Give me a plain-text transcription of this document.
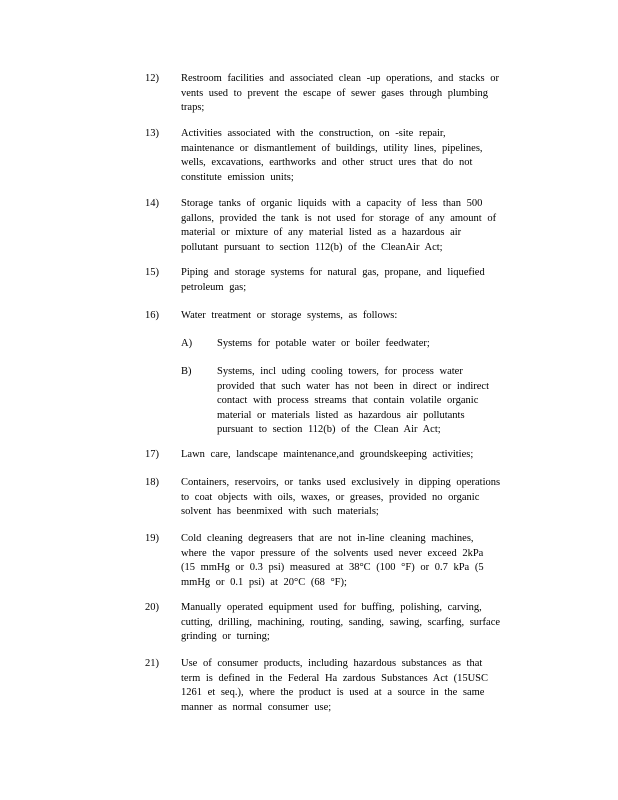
12) Restroom facilities and associated clean -up operations, and stacks or vents used to prevent the escape of sewer gases through plumbing traps;
13) Activities associated with the construction, on -site repair, maintenance or dismantlement of buildings, utility lines, pipelines, wells, excavations, earthworks and other struct ures that do not constitute emission units;
14) Storage tanks of organic liquids with a capacity of less than 500 gallons, provided the tank is not used for storage of any amount of material or mixture of any material listed as a hazardous air pollutant pursuant to section 112(b) of the CleanAir Act;
15) Piping and storage systems for natural gas, propane, and liquefied petroleum gas;
16) Water treatment or storage systems, as follows:
A) Systems for potable water or boiler feedwater;
B) Systems, incl uding cooling towers, for process water provided that such water has not been in direct or indirect contact with process streams that contain volatile organic material or materials listed as hazardous air pollutants pursuant to section 112(b) of the Clean Air Act;
17) Lawn care, landscape maintenance,and groundskeeping activities;
18) Containers, reservoirs, or tanks used exclusively in dipping operations to coat objects with oils, waxes, or greases, provided no organic solvent has beenmixed with such materials;
19) Cold cleaning degreasers that are not in-line cleaning machines, where the vapor pressure of the solvents used never exceed 2kPa (15 mmHg or 0.3 psi) measured at 38°C (100 °F) or 0.7 kPa (5 mmHg or 0.1 psi) at 20°C (68 °F);
20) Manually operated equipment used for buffing, polishing, carving, cutting, drilling, machining, routing, sanding, sawing, scarfing, surface grinding or turning;
21) Use of consumer products, including hazardous substances as that term is defined in the Federal Ha zardous Substances Act (15USC 1261 et seq.), where the product is used at a source in the same manner as normal consumer use;
